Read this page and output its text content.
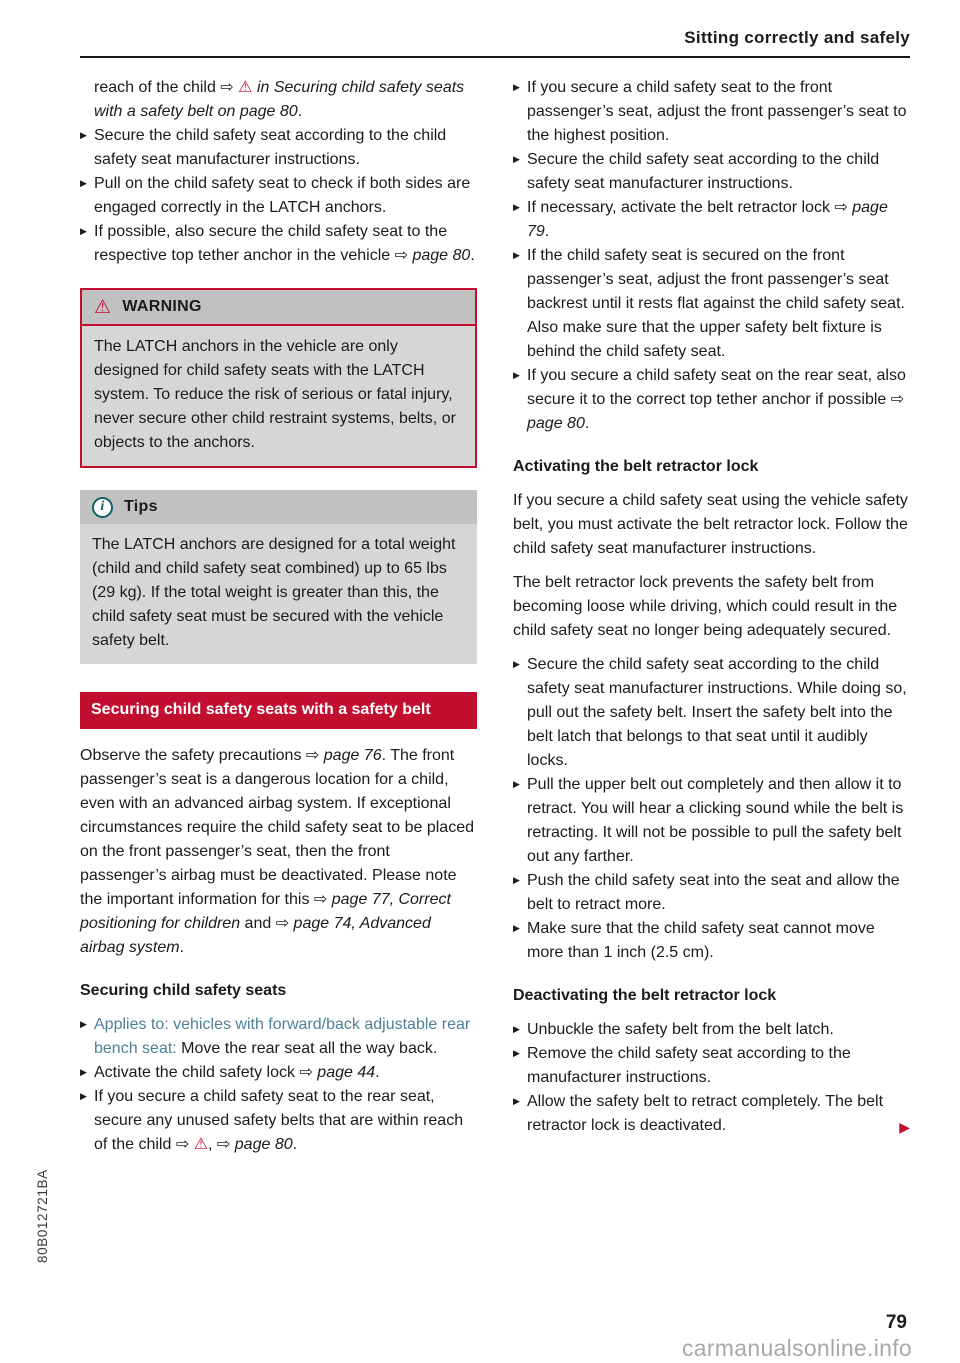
Sitting correctly and safely

reach of the child ⇨ ⚠ in Securing child safety seats with a safety belt on page 80.

▶ Secure the child safety seat according to the child safety seat manufacturer instructions.
▶ Pull on the child safety seat to check if both sides are engaged correctly in the LATCH anchors.
▶ If possible, also secure the child safety seat to the respective top tether anchor in the vehicle ⇨ page 80.
⚠ WARNING
The LATCH anchors in the vehicle are only designed for child safety seats with the LATCH system. To reduce the risk of serious or fatal injury, never secure other child restraint systems, belts, or objects to the anchors.
i	Tips
The LATCH anchors are designed for a total weight (child and child safety seat combined) up to 65 lbs (29 kg). If the total weight is greater than this, the child safety seat must be secured with the vehicle safety belt.
Securing child safety seats with a safety belt

Observe the safety precautions ⇨ page 76. The front passenger’s seat is a dangerous location for a child, even with an advanced airbag system. If exceptional circumstances require the child safety seat to be placed on the front passenger’s seat, then the front passenger’s airbag must be deactivated. Please note the important information for this ⇨ page 77, Correct positioning for children and ⇨ page 74, Advanced airbag system.

Securing child safety seats
▶ Applies to: vehicles with forward/back adjustable rear bench seat: Move the rear seat all the way back.
▶ Activate the child safety lock ⇨ page 44.
▶ If you secure a child safety seat to the rear seat, secure any unused safety belts that are within reach of the child ⇨ ⚠, ⇨ page 80.
▶ If you secure a child safety seat to the front passenger’s seat, adjust the front passenger’s seat to the highest position.
▶ Secure the child safety seat according to the child safety seat manufacturer instructions.
▶ If necessary, activate the belt retractor lock ⇨ page 79.
▶ If the child safety seat is secured on the front passenger’s seat, adjust the front passenger’s seat backrest until it rests flat against the child safety seat. Also make sure that the upper safety belt fixture is behind the child safety seat.
▶ If you secure a child safety seat on the rear seat, also secure it to the correct top tether anchor if possible ⇨ page 80.
Activating the belt retractor lock

If you secure a child safety seat using the vehicle safety belt, you must activate the belt retractor lock. Follow the child safety seat manufacturer instructions.

The belt retractor lock prevents the safety belt from becoming loose while driving, which could result in the child safety seat no longer being adequately secured.

▶ Secure the child safety seat according to the child safety seat manufacturer instructions. While doing so, pull out the safety belt. Insert the safety belt into the belt latch that belongs to that seat until it audibly locks.
▶ Pull the upper belt out completely and then allow it to retract. You will hear a clicking sound while the belt is retracting. It will not be possible to pull the safety belt out any farther.
▶ Push the child safety seat into the seat and allow the belt to retract more.
▶ Make sure that the child safety seat cannot move more than 1 inch (2.5 cm).
Deactivating the belt retractor lock
▶ Unbuckle the safety belt from the belt latch.
▶ Remove the child safety seat according to the manufacturer instructions.
▶ Allow the safety belt to retract completely. The belt retractor lock is deactivated.	▶
80B012721BA
79
carmanualsonline.info
